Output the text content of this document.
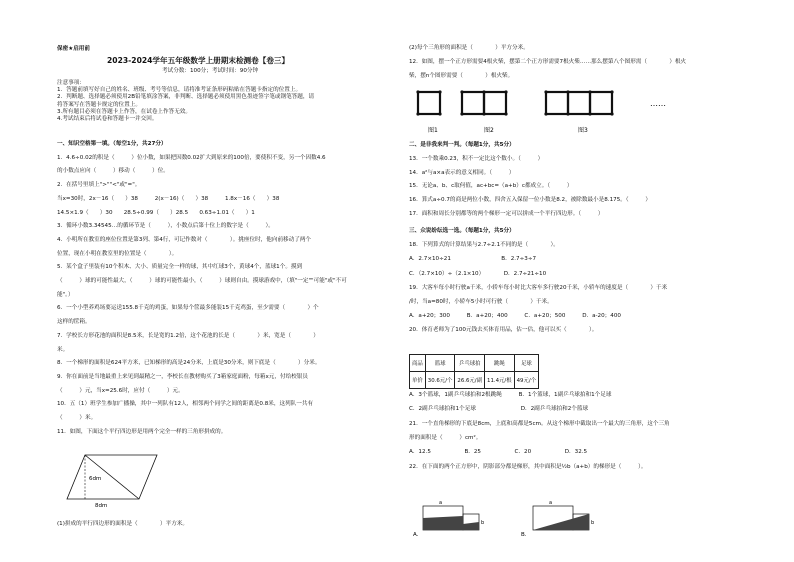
保密★启用前
2023-2024学年五年级数学上册期末检测卷【卷三】
考试分数：100分；考试时间：90分钟
注意事项：
1．答题前填写好自己的姓名、班级、考号等信息，请将准考证条形码粘贴在答题卡指定的位置上。
2．判断题、选择题必须使用2B铅笔填涂答案，非判断、选择题必须使用黑色墨迹签字笔或钢笔答题，请
将答案写在答题卡规定的位置上。
3.所有题目必须在答题卡上作答，在试卷上作答无效。
4.考试结束后将试卷和答题卡一并交回。
一、知识空格第一填。（每空1分，共27分）
1．4.6÷0.02的积是（　　　）位小数，如果把因数0.02扩大到原来的100倍，要使积不变，另一个因数4.6
的小数点应向（　　　）移动（　　　）位。
2．在括号里填上">""<"或"="。
当x=30时，2x－16（　　）38　　　2(x－16)（　　）38　　　1.8x－16（　　）38
14.5×1.9（　　）30　　28.5÷0.99（　　）28.5　　0.63÷1.01（　　）1
3．循环小数3.34545…的循环节是（　　　），小数点后第十位上的数字是（　　　）。
4．小明所在教室的座位位置是第3列、第4行，可记作数对（　　　　）。挑座位时，他向前移动了两个
位置，现在小明在教室里的位置是（　　　　）。
5．某个盒子里装有10个积木、大小、质量完全一样的球，其中红球3个，黄球4个，蓝球1个。摸到
（　　　）球的可能性最大，（　　　）球的可能性最小，（　　　）球则自由。摸球游戏中，（填"一定""可能"或"不可
能"。）
6．一个小型养鸡场要运送155.8千克的鸡蛋，如果每个筐最多能装15千克鸡蛋，至少需要（　　　　）个
这样的筐箱。
7．学校长方形花池的面积是8.5米，长是宽的1.2倍，这个花池的长是（　　　　）米，宽是（　　　　）
米。
8．一个梯形的面积是624平方米，已知梯形的高是24分米，上底是30分米，则下底是（　　　　）分米。
9．你在面前是当地最重上来见到最精之一，李校长在教材购买了3箱家庭面粉，每箱x元，付给校银员
（　　　）元，当x=25.6时，应付（　　　）元。
10．五（1）班学生参加广播操，其中一列队有12人，相邻两个同学之间的距离是0.8米，这列队一共有
（　　　）米。
11．如图，下面这个平行四边形是用两个完全一样的三角形拼成的。
6dm
8dm
(1)拼成的平行四边形的面积是（　　　　）平方米。
(2)每个三角形的面积是（　　　　）平方分米。
12．如图，摆一个正方形需要4根火柴，摆第二个正方形需要7根火柴……那么摆第八个图形需（　　　　）根火
柴，摆n个图形需要（　　　　）根火柴。
图1	图2	图3
……
二、是非我来判一判。（每题1分，共5分）
13．一个数乘0.23，积不一定比这个数小。（　　　）
14．a²与a×a表示的意义相同。（　　　）
15．无论a、b、c取何值，ac+bc=（a+b）c都成立。（　　　）
16．算式a÷0.7的商是两位小数，四舍五入保留一位小数是8.2，被除数最小是8.175。（　　　）
17．面积和周长分别都等的两个梯形一定可以拼成一个平行四边形。（　　　）
三、众说纷纭选一选。（每题1分，共5分）
18．下列算式的计算结果与2.7÷2.1不同的是（　　　　）。
A．2.7×10÷21　　　　　　　　　B．2.7÷3÷7
C．（2.7×10）÷（2.1×10）　　　　D．2.7÷21÷10
19．大客车每小时行驶a千米，小轿车每小时比大客车多行驶20千米，小轿车的速度是（　　　　）千米
/时，当a=80时，小轿车5小时可行驶（　　　　）千米。
A．a+20；300　　　B．a+20；400　　　C．a+20；500　　　D．a-20；400
20．体育老师为了100元钱去买体育用品，估一估，他可以买（　　　　）。
商品	篮球	乒乓球拍	跳绳	足球
单价	30.6元/个	26.6元/副	11.4元/根	49元/个
A．3个篮球，1副乒乓球拍和2根跳绳　　　B．1个篮球，1副乒乓球拍和1个足球
C．2副乒乓球拍和1个足球　　　　　　　　D．2副乒乓球拍和2个篮球
21．一个直角梯形的下底是8cm，上底和高都是5cm。从这个梯形中截取出一个最大的三角形，这个三角
形的面积是（　　　）cm²。
A．12.5　　　　　　B．25　　　　　　C．20　　　　　　D．32.5
22．在下面的两个正方形中，阴影部分都是梯形，其中面积是½b（a+b）的梯形是（　　　）。
a
b
a
b
A．	B．
